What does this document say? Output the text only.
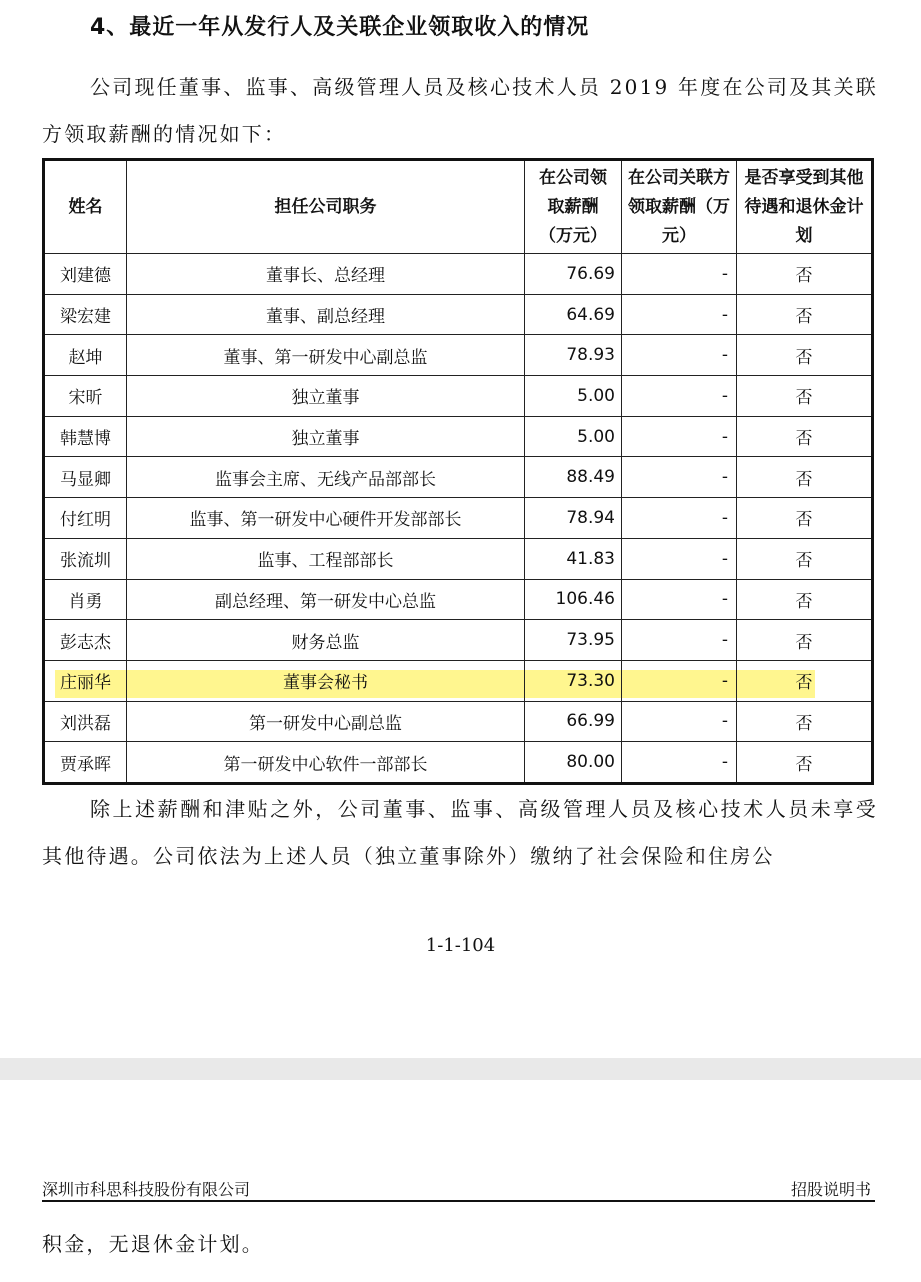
4、最近一年从发行人及关联企业领取收入的情况
公司现任董事、监事、高级管理人员及核心技术人员 2019 年度在公司及其关联方领取薪酬的情况如下：
姓名	担任公司职务	在公司领取薪酬（万元）	在公司关联方领取薪酬（万元）	是否享受到其他待遇和退休金计划
刘建德	董事长、总经理	76.69	-	否
梁宏建	董事、副总经理	64.69	-	否
赵坤	董事、第一研发中心副总监	78.93	-	否
宋昕	独立董事	5.00	-	否
韩慧博	独立董事	5.00	-	否
马显卿	监事会主席、无线产品部部长	88.49	-	否
付红明	监事、第一研发中心硬件开发部部长	78.94	-	否
张流圳	监事、工程部部长	41.83	-	否
肖勇	副总经理、第一研发中心总监	106.46	-	否
彭志杰	财务总监	73.95	-	否
庄丽华	董事会秘书	73.30	-	否
刘洪磊	第一研发中心副总监	66.99	-	否
贾承晖	第一研发中心软件一部部长	80.00	-	否
除上述薪酬和津贴之外，公司董事、监事、高级管理人员及核心技术人员未享受其他待遇。公司依法为上述人员（独立董事除外）缴纳了社会保险和住房公
1-1-104
深圳市科思科技股份有限公司	招股说明书
积金，无退休金计划。
